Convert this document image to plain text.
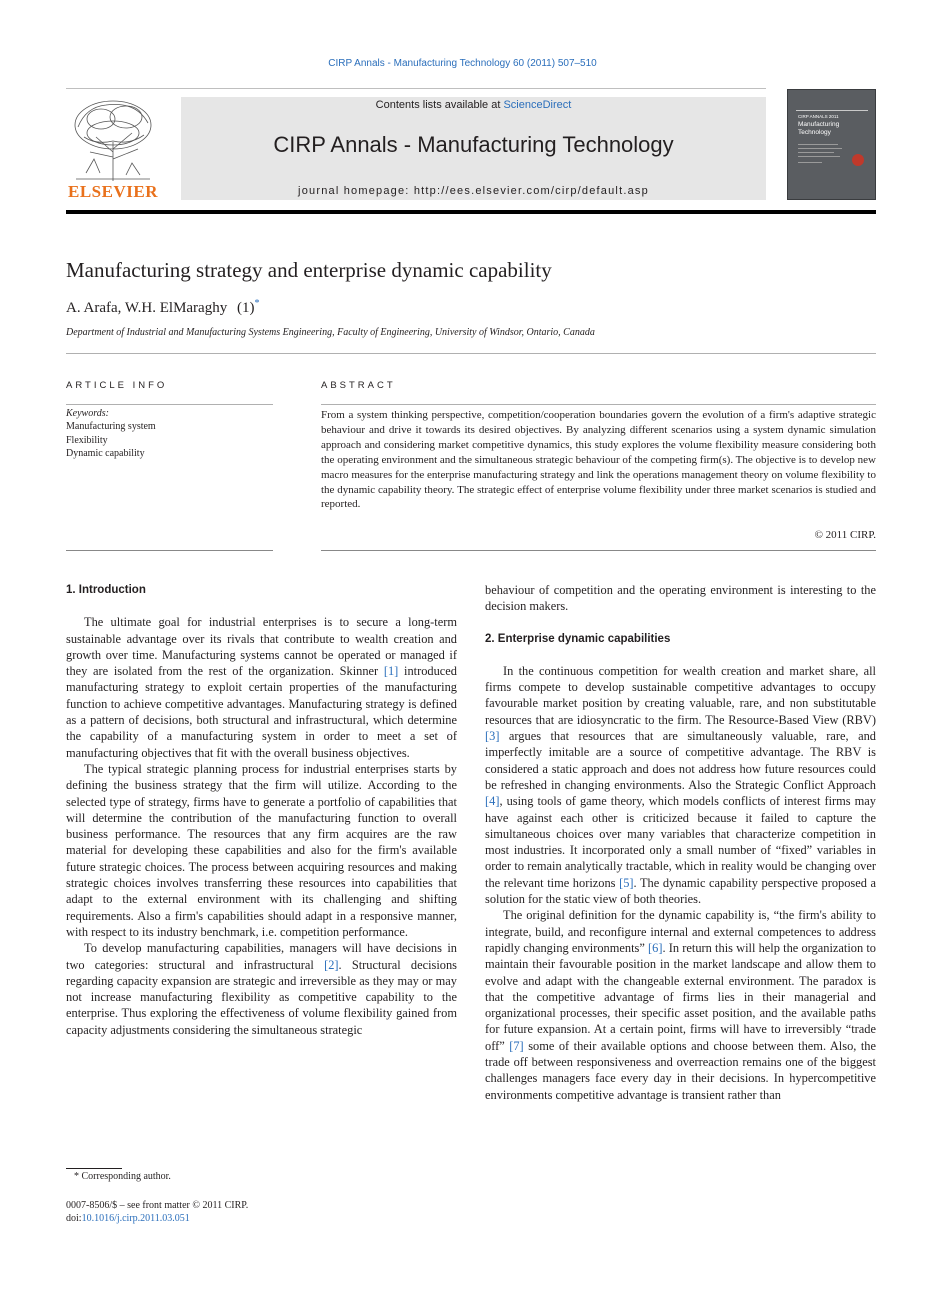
CIRP Annals - Manufacturing Technology 60 (2011) 507–510
ELSEVIER
Contents lists available at ScienceDirect
CIRP Annals - Manufacturing Technology
journal homepage: http://ees.elsevier.com/cirp/default.asp
CIRP ANNALS 2011
Manufacturing
Technology
Manufacturing strategy and enterprise dynamic capability
A. Arafa, W.H. ElMaraghy (1)*
Department of Industrial and Manufacturing Systems Engineering, Faculty of Engineering, University of Windsor, Ontario, Canada
ARTICLE INFO	ABSTRACT
Keywords:
Manufacturing system
Flexibility
Dynamic capability
From a system thinking perspective, competition/cooperation boundaries govern the evolution of a firm's adaptive strategic behaviour and drive it towards its desired objectives. By analyzing different scenarios using a system dynamic simulation approach and considering market competitive dynamics, this study explores the volume flexibility measure considering both the operating environment and the simultaneous strategic behaviour of the competing firm(s). The objective is to develop new macro measures for the enterprise manufacturing strategy and link the operations management theory on volume flexibility to the dynamic capability theory. The strategic effect of enterprise volume flexibility under three market scenarios is studied and reported.
© 2011 CIRP.

1. Introduction

The ultimate goal for industrial enterprises is to secure a long-term sustainable advantage over its rivals that contribute to wealth creation and growth over time. Manufacturing systems cannot be operated or managed if they are isolated from the rest of the organization. Skinner [1] introduced manufacturing strategy to exploit certain properties of the manufacturing function to achieve competitive advantages. Manufacturing strategy is defined as a pattern of decisions, both structural and infrastructural, which determine the capability of a manufacturing system in order to meet a set of manufacturing objectives that fit with the overall business objectives.

The typical strategic planning process for industrial enterprises starts by defining the business strategy that the firm will utilize. According to the selected type of strategy, firms have to generate a portfolio of capabilities that will determine the contribution of the manufacturing function to overall business performance. The resources that any firm acquires are the raw material for developing these capabilities and also for the firm's available future strategic choices. The process between acquiring resources and making strategic choices involves transferring these resources into capabilities that adapt to the external environment with its challenging and shifting requirements. Also a firm's capabilities should adapt in a responsive manner, with respect to its industry benchmark, i.e. competition performance.

To develop manufacturing capabilities, managers will have decisions in two categories: structural and infrastructural [2]. Structural decisions regarding capacity expansion are strategic and irreversible as they may or may not increase manufacturing flexibility as competitive capability to the enterprise. Thus exploring the effectiveness of volume flexibility gained from capacity adjustments considering the simultaneous strategic

behaviour of competition and the operating environment is interesting to the decision makers.

2. Enterprise dynamic capabilities

In the continuous competition for wealth creation and market share, all firms compete to develop sustainable competitive advantages to occupy favourable market position by creating valuable, rare, and non substitutable resources that are idiosyncratic to the firm. The Resource-Based View (RBV) [3] argues that resources that are simultaneously valuable, rare, and imperfectly imitable are a source of competitive advantage. The RBV is considered a static approach and does not address how future resources could be refreshed in changing environments. Also the Strategic Conflict Approach [4], using tools of game theory, which models conflicts of interest firms may have against each other is criticized because it failed to capture the simultaneous choices over many variables that characterize competition in most industries. It incorporated only a small number of “fixed” variables in order to remain analytically tractable, which in reality would be changing over the relevant time horizons [5]. The dynamic capability perspective proposed a solution for the static view of both theories.

The original definition for the dynamic capability is, “the firm's ability to integrate, build, and reconfigure internal and external competences to address rapidly changing environments” [6]. In return this will help the organization to maintain their favourable position in the market landscape and allow them to evolve and adapt with the changeable external environment. The paradox is that the competitive advantage of firms lies in their managerial and organizational processes, their specific asset position, and the available paths for future expansion. At a certain point, firms will have to irreversibly “trade off” [7] some of their available options and choose between them. Also, the trade off between responsiveness and overreaction remains one of the biggest challenges managers face every day in their decisions. In hypercompetitive environments competitive advantage is transient rather than

* Corresponding author.
0007-8506/$ – see front matter © 2011 CIRP.
doi:10.1016/j.cirp.2011.03.051
